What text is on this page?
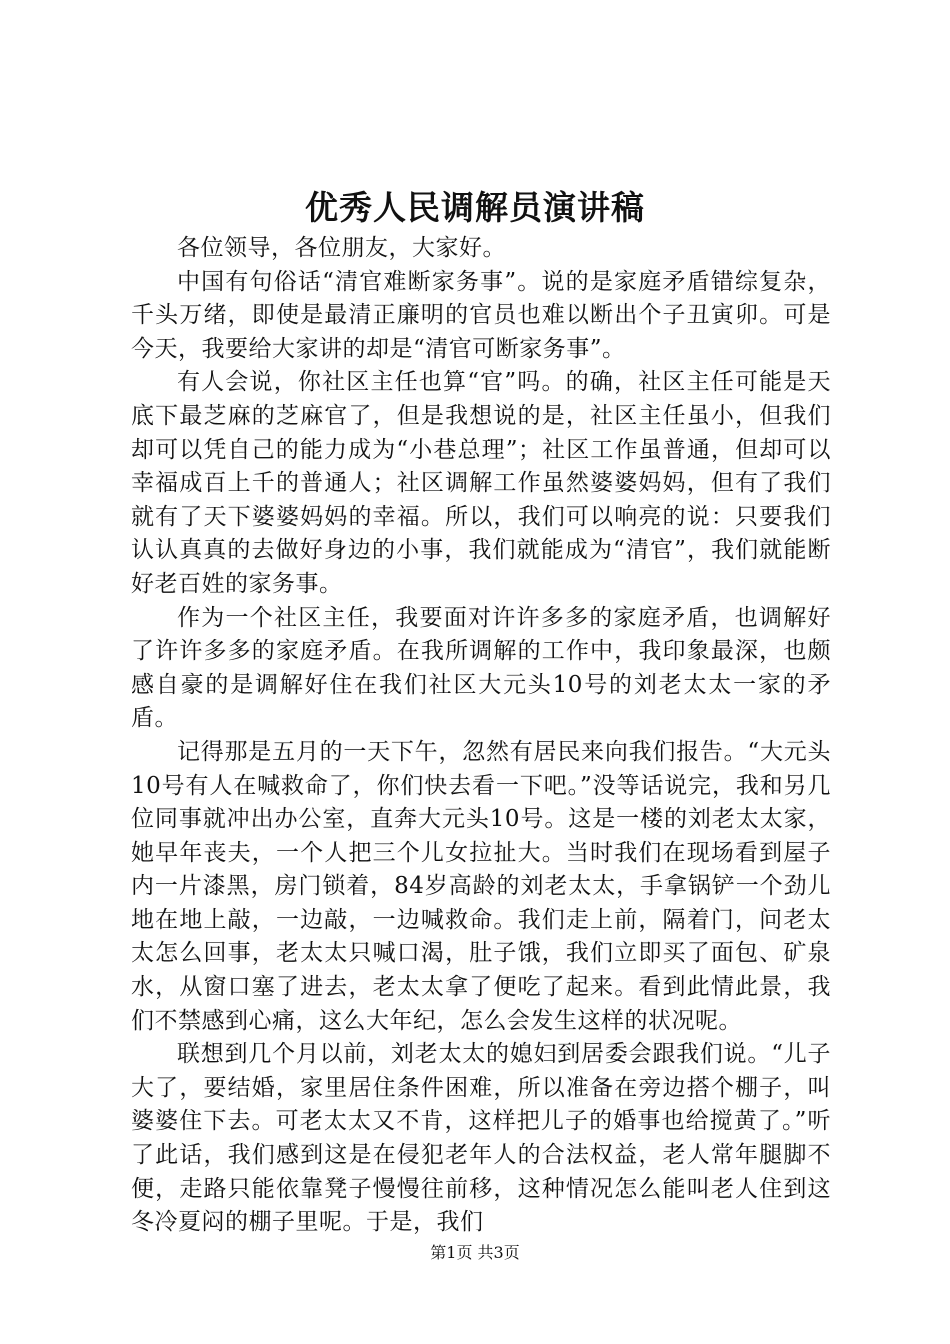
优秀人民调解员演讲稿

各位领导，各位朋友，大家好。

中国有句俗话“清官难断家务事”。说的是家庭矛盾错综复杂，千头万绪，即使是最清正廉明的官员也难以断出个子丑寅卯。可是今天，我要给大家讲的却是“清官可断家务事”。

有人会说，你社区主任也算“官”吗。的确，社区主任可能是天底下最芝麻的芝麻官了，但是我想说的是，社区主任虽小，但我们却可以凭自己的能力成为“小巷总理”；社区工作虽普通，但却可以幸福成百上千的普通人；社区调解工作虽然婆婆妈妈，但有了我们就有了天下婆婆妈妈的幸福。所以，我们可以响亮的说：只要我们认认真真的去做好身边的小事，我们就能成为“清官”，我们就能断好老百姓的家务事。

作为一个社区主任，我要面对许许多多的家庭矛盾，也调解好了许许多多的家庭矛盾。在我所调解的工作中，我印象最深，也颇感自豪的是调解好住在我们社区大元头10号的刘老太太一家的矛盾。

记得那是五月的一天下午，忽然有居民来向我们报告。“大元头10号有人在喊救命了，你们快去看一下吧。”没等话说完，我和另几位同事就冲出办公室，直奔大元头10号。这是一楼的刘老太太家，她早年丧夫，一个人把三个儿女拉扯大。当时我们在现场看到屋子内一片漆黑，房门锁着，84岁高龄的刘老太太，手拿锅铲一个劲儿地在地上敲，一边敲，一边喊救命。我们走上前，隔着门，问老太太怎么回事，老太太只喊口渴，肚子饿，我们立即买了面包、矿泉水，从窗口塞了进去，老太太拿了便吃了起来。看到此情此景，我们不禁感到心痛，这么大年纪，怎么会发生这样的状况呢。

联想到几个月以前，刘老太太的媳妇到居委会跟我们说。“儿子大了，要结婚，家里居住条件困难，所以准备在旁边搭个棚子，叫婆婆住下去。可老太太又不肯，这样把儿子的婚事也给搅黄了。”听了此话，我们感到这是在侵犯老年人的合法权益，老人常年腿脚不便，走路只能依靠凳子慢慢往前移，这种情况怎么能叫老人住到这冬冷夏闷的棚子里呢。于是，我们

第1页 共3页
